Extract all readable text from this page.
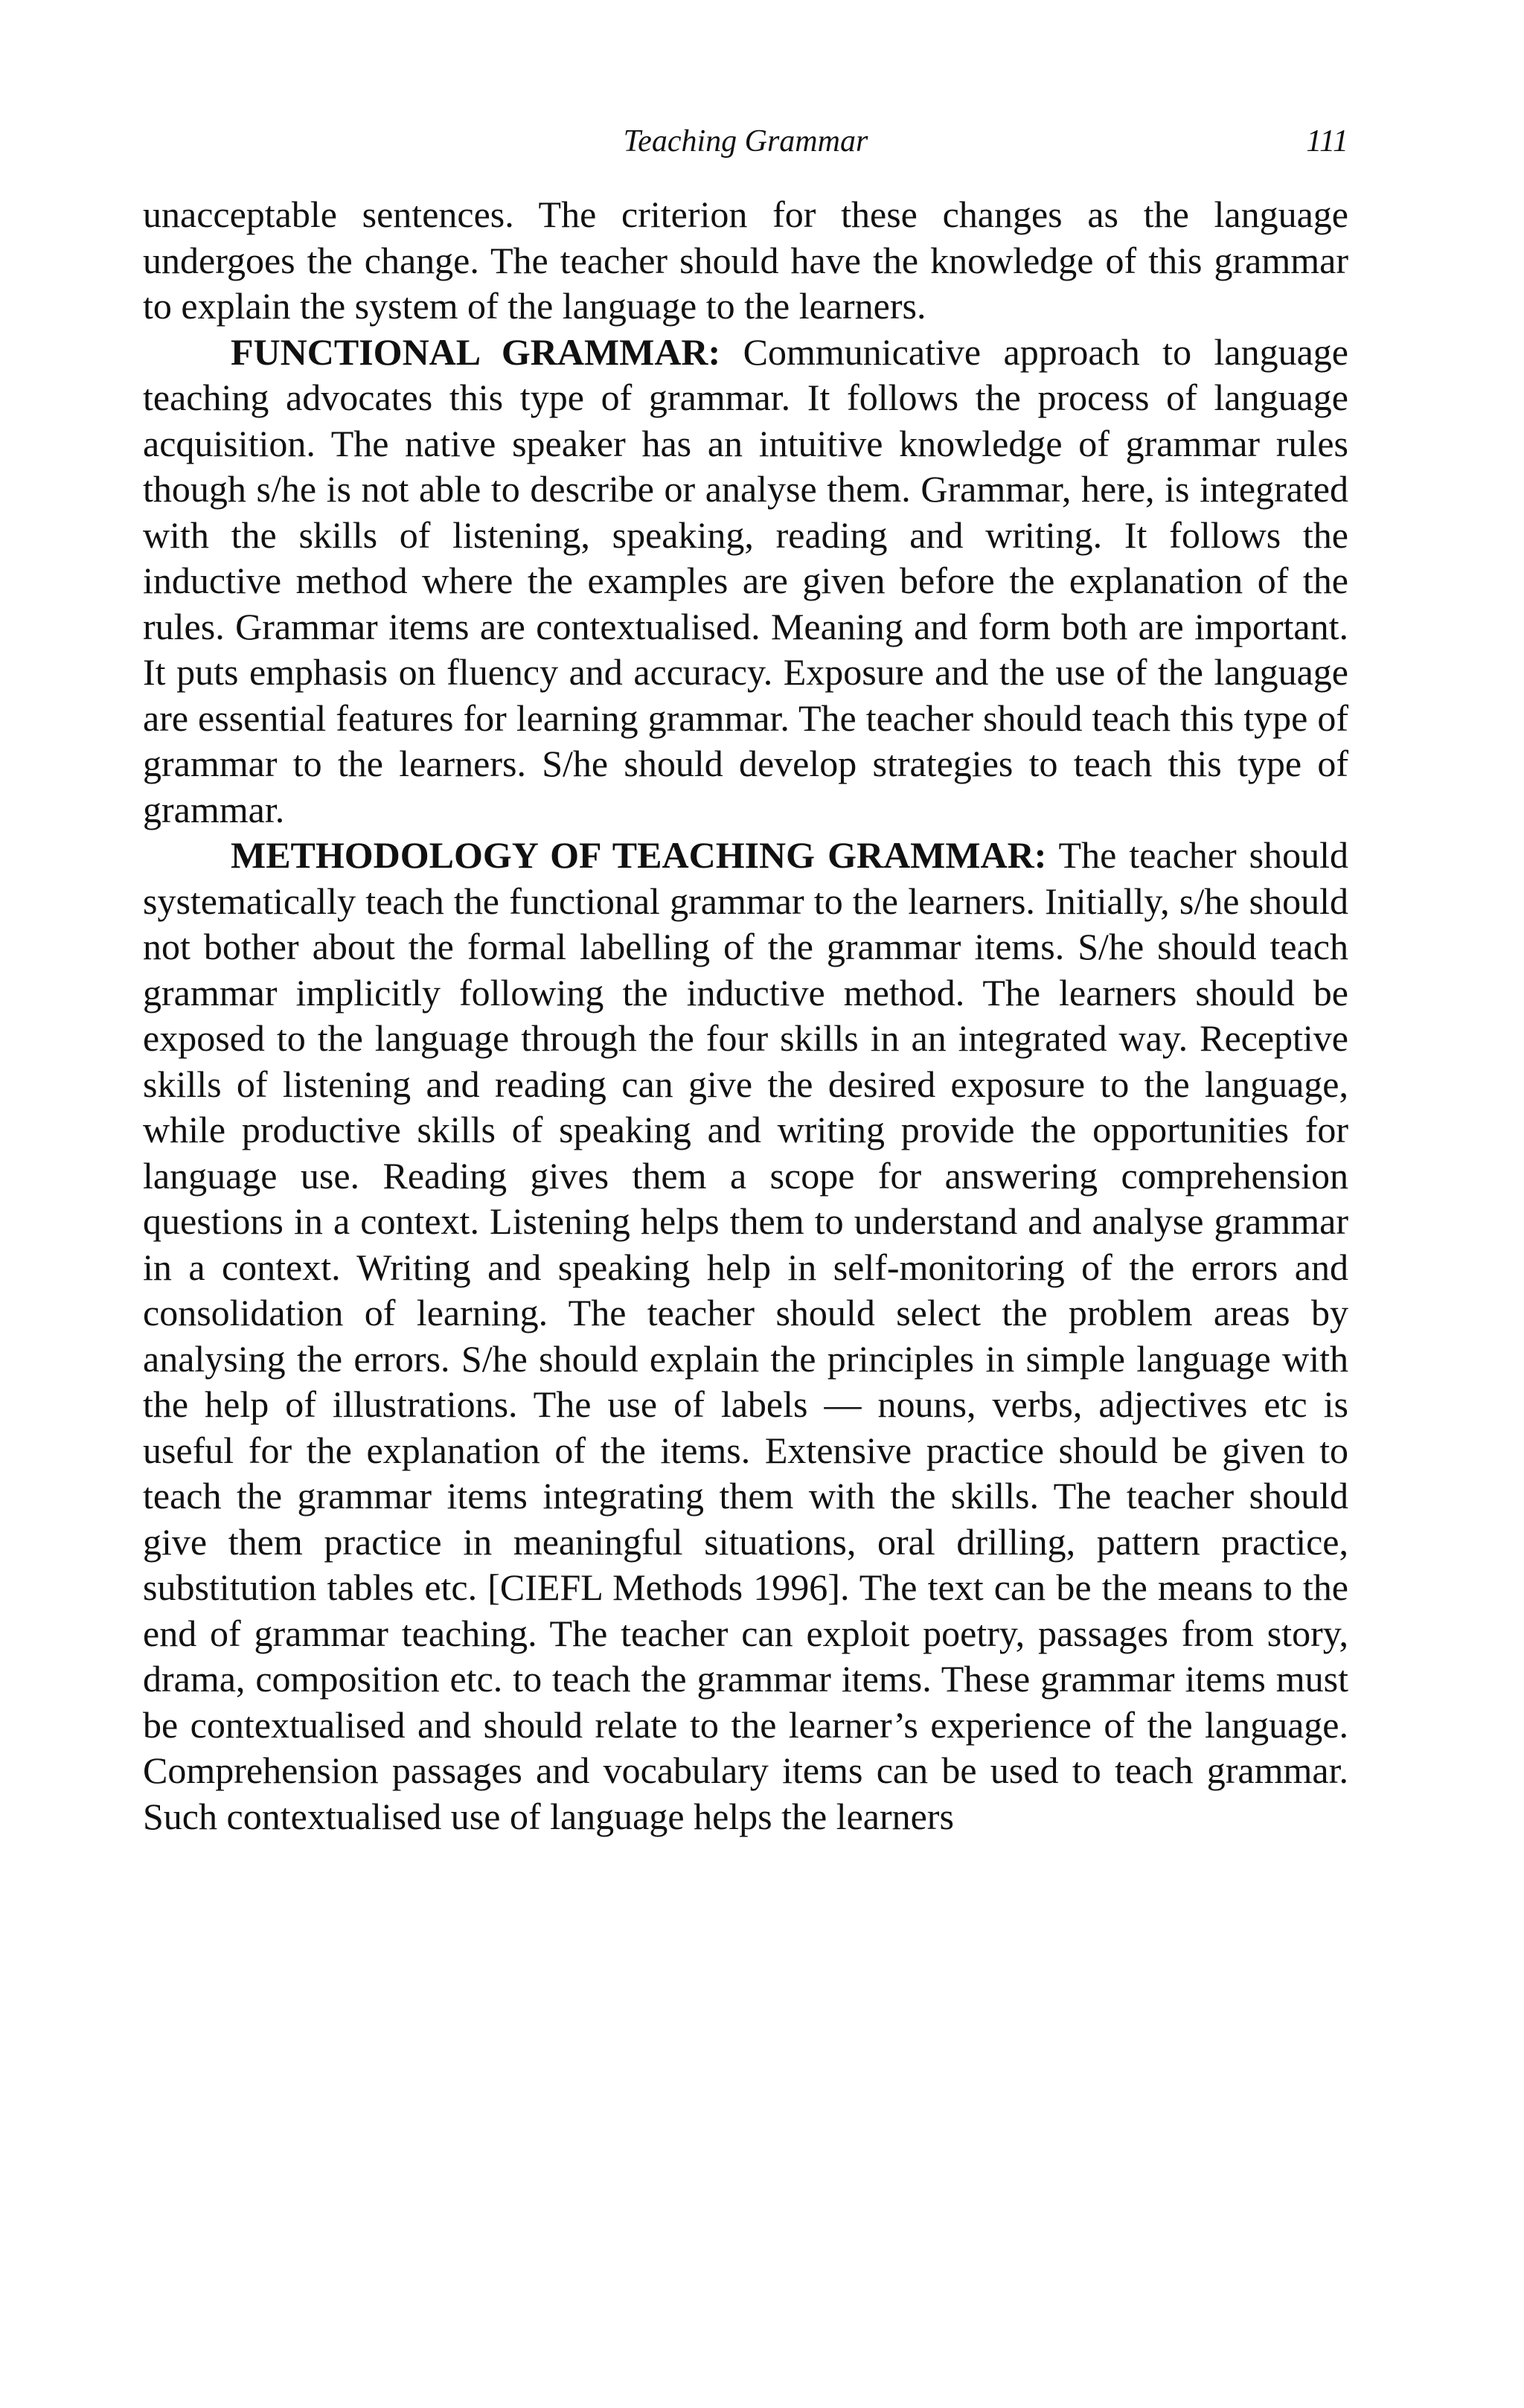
Teaching Grammar	111

unacceptable sentences. The criterion for these changes as the language undergoes the change. The teacher should have the knowledge of this grammar to explain the system of the language to the learners.

FUNCTIONAL GRAMMAR: Communicative approach to language teaching advocates this type of grammar. It follows the process of language acquisition. The native speaker has an intuitive knowledge of grammar rules though s/he is not able to describe or analyse them. Grammar, here, is integrated with the skills of listening, speaking, reading and writing. It follows the inductive method where the examples are given before the explanation of the rules. Grammar items are contextualised. Meaning and form both are important. It puts emphasis on fluency and accuracy. Exposure and the use of the language are essential features for learning grammar. The teacher should teach this type of grammar to the learners. S/he should develop strategies to teach this type of grammar.

METHODOLOGY OF TEACHING GRAMMAR: The teacher should systematically teach the functional grammar to the learners. Initially, s/he should not bother about the formal labelling of the grammar items. S/he should teach grammar implicitly following the inductive method. The learners should be exposed to the language through the four skills in an integrated way. Receptive skills of listening and reading can give the desired exposure to the language, while productive skills of speaking and writing provide the opportunities for language use. Reading gives them a scope for answering comprehension questions in a context. Listening helps them to understand and analyse grammar in a context. Writing and speaking help in self-monitoring of the errors and consolidation of learning. The teacher should select the problem areas by analysing the errors. S/he should explain the principles in simple language with the help of illustrations. The use of labels — nouns, verbs, adjectives etc is useful for the explanation of the items. Extensive practice should be given to teach the grammar items integrating them with the skills. The teacher should give them practice in meaningful situations, oral drilling, pattern practice, substitution tables etc. [CIEFL Methods 1996]. The text can be the means to the end of grammar teaching. The teacher can exploit poetry, passages from story, drama, composition etc. to teach the grammar items. These grammar items must be contextualised and should relate to the learner’s experience of the language. Comprehension passages and vocabulary items can be used to teach grammar. Such contextualised use of language helps the learners
